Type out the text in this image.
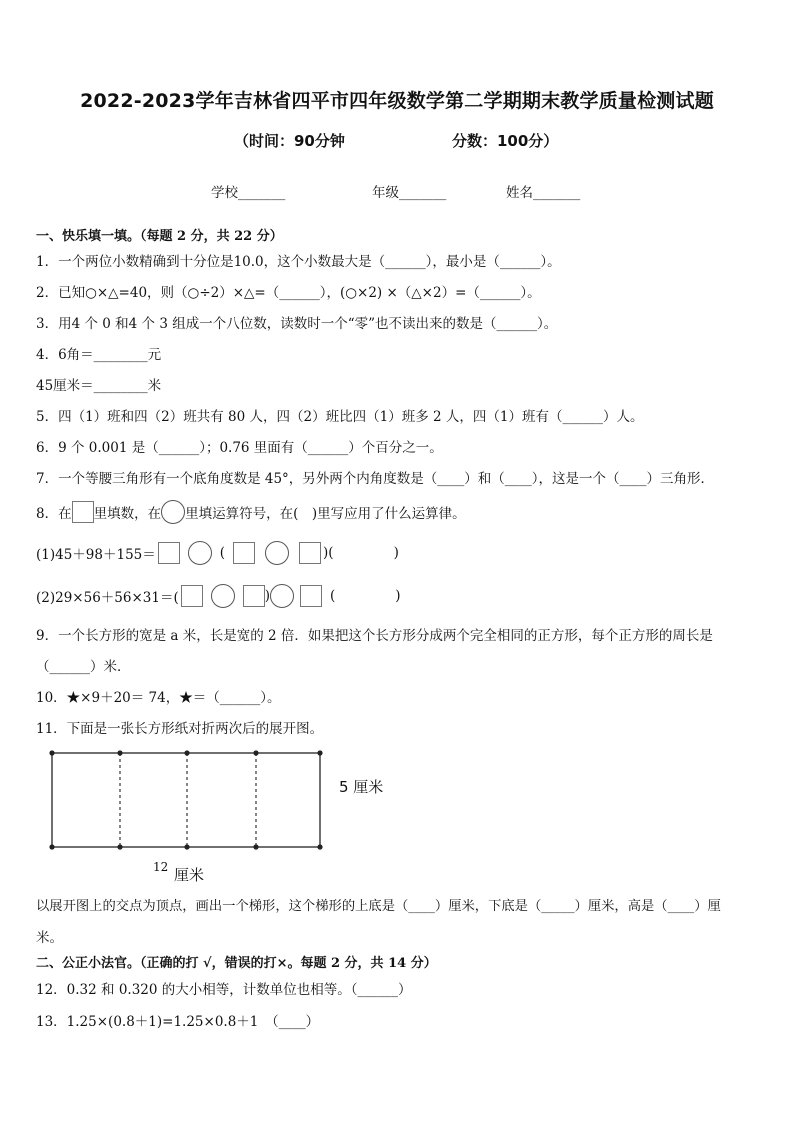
2022-2023学年吉林省四平市四年级数学第二学期期末教学质量检测试题
（时间：90分钟	分数：100分）
学校_______	年级_______	姓名_______
一、快乐填一填。（每题 2 分，共 22 分）
1．一个两位小数精确到十分位是10.0，这个小数最大是（______），最小是（______）。
2．已知○×△=40，则（○÷2）×△=（______），(○×2) ×（△×2）=（______）。
3．用4 个 0 和4 个 3 组成一个八位数，读数时一个“零”也不读出来的数是（______）。
4．6角＝________元
45厘米＝________米
5．四（1）班和四（2）班共有 80 人，四（2）班比四（1）班多 2 人，四（1）班有（______）人。
6．9 个 0.001 是（______）；0.76 里面有（______）个百分之一。
7．一个等腰三角形有一个底角度数是 45°，另外两个内角度数是（____）和（____），这是一个（____）三角形．
8．在 里填数，在 里填运算符号，在(　)里写应用了什么运算律。
(1)45＋98＋155＝	(	)(	)
(2)29×56＋56×31＝(	)	(	)
9．一个长方形的宽是 a 米，长是宽的 2 倍．如果把这个长方形分成两个完全相同的正方形，每个正方形的周长是
（______）米．
10．★×9＋20＝ 74，★＝（______）。
11．下面是一张长方形纸对折两次后的展开图。
5 厘米
12 厘米
以展开图上的交点为顶点，画出一个梯形，这个梯形的上底是（____）厘米，下底是（_____）厘米，高是（____）厘
米。
二、公正小法官。（正确的打 √，错误的打×。每题 2 分，共 14 分）
12．0.32 和 0.320 的大小相等，计数单位也相等。（______）
13．1.25×(0.8＋1)=1.25×0.8＋1　（____）
